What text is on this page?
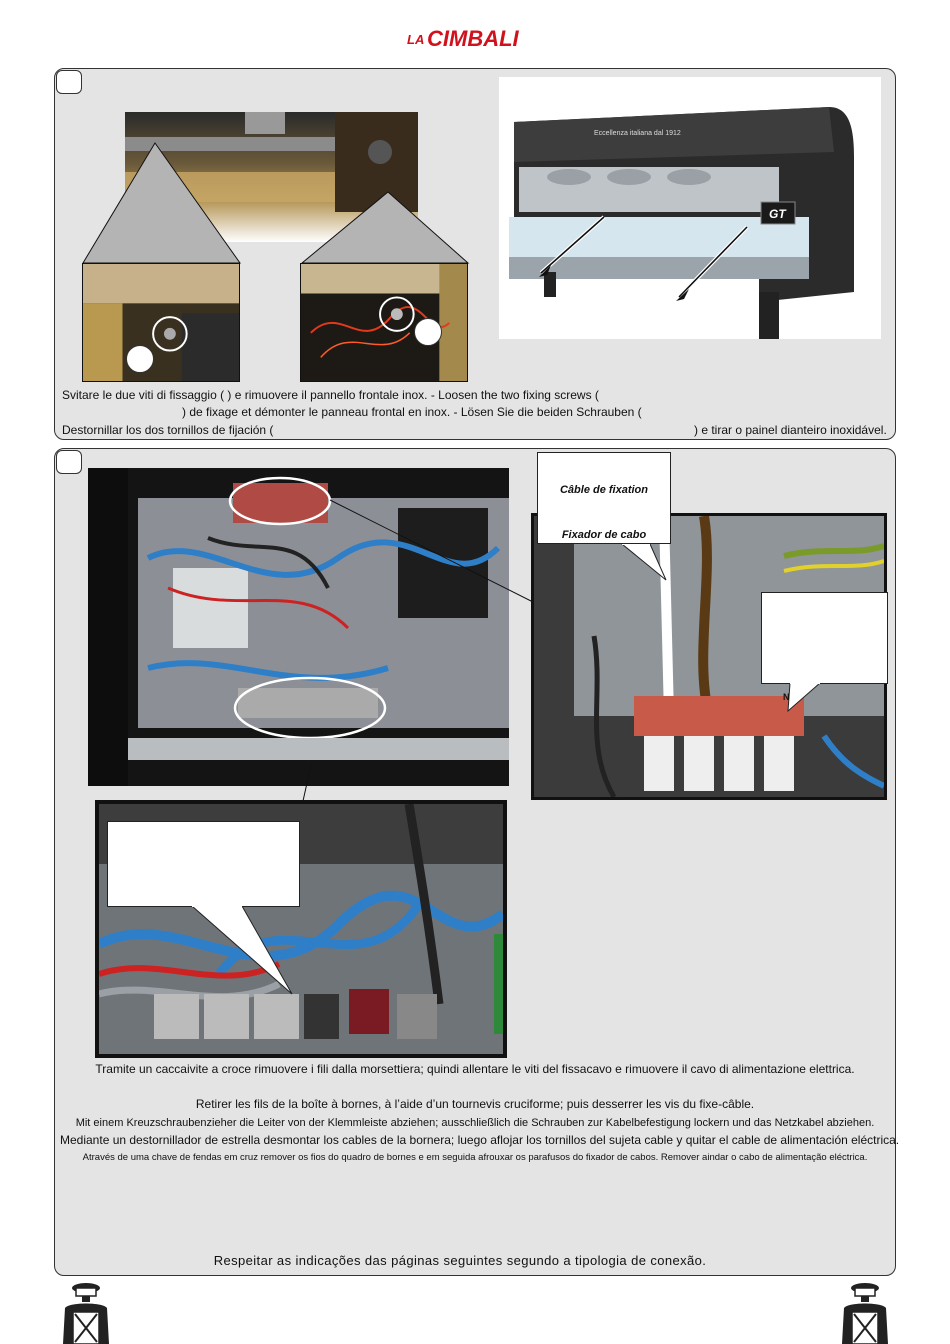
LA CIMBALI
Eccellenza italiana dal 1912
GT
Svitare le due viti di fissaggio ( ) e rimuovere il pannello frontale inox. - Loosen the two fixing screws (
) de fixage et démonter le panneau frontal en inox. - Lösen Sie die beiden Schrauben (
Destornillar los dos tornillos de fijación (	) e tirar o painel dianteiro inoxidável.
Câble de fixation
Fixador de cabo
N
Tramite un caccaivite a croce rimuovere i fili dalla morsettiera; quindi allentare le viti del fissacavo e rimuovere il cavo di alimentazione elettrica.
Retirer les fils de la boîte à bornes, à l’aide d’un tournevis cruciforme; puis desserrer les vis du fixe-câble.
Mit einem Kreuzschraubenzieher die Leiter von der Klemmleiste abziehen; ausschließlich die Schrauben zur Kabelbefestigung lockern und das Netzkabel abziehen.
Mediante un destornillador de estrella desmontar los cables de la bornera; luego aflojar los tornillos del sujeta cable y quitar el cable de alimentación eléctrica.
Através de uma chave de fendas em cruz remover os fios do quadro de bornes e em seguida afrouxar os parafusos do fixador de cabos. Remover aindar o cabo de alimentação eléctrica.
Respeitar as indicações das páginas seguintes segundo a tipologia de conexão.
